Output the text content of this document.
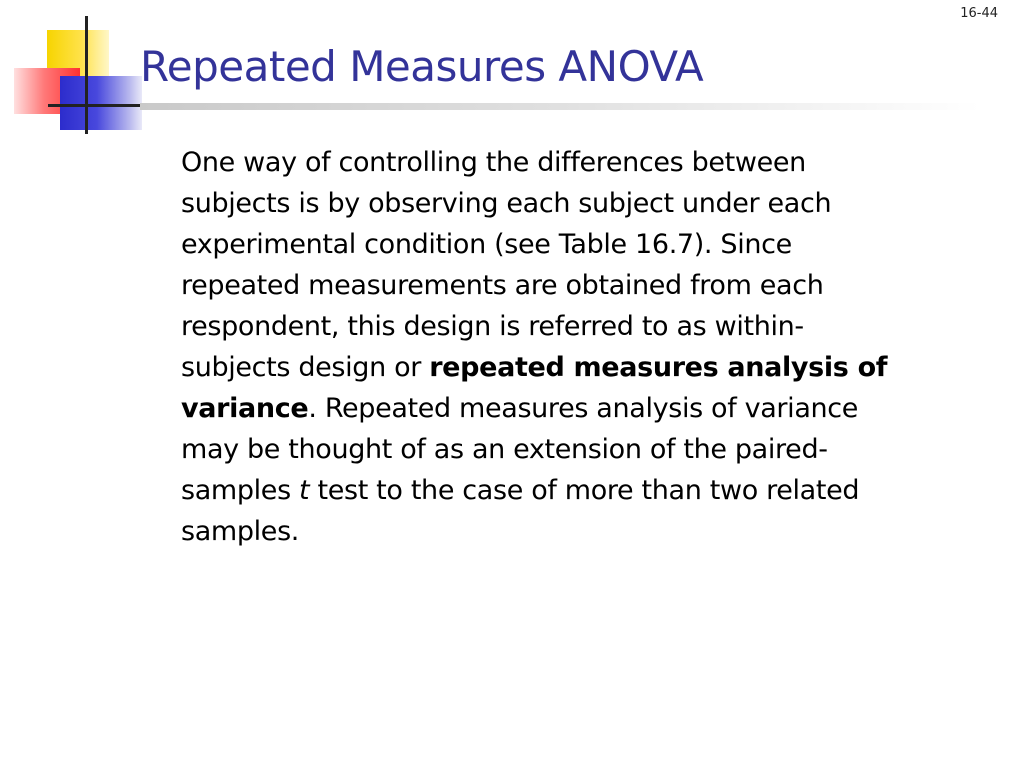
16-44
Repeated Measures ANOVA

One way of controlling the differences between
subjects is by observing each subject under each
experimental condition (see Table 16.7). Since
repeated measurements are obtained from each
respondent, this design is referred to as within-
subjects design or repeated measures analysis of
variance. Repeated measures analysis of variance
may be thought of as an extension of the paired-
samples t test to the case of more than two related
samples.
